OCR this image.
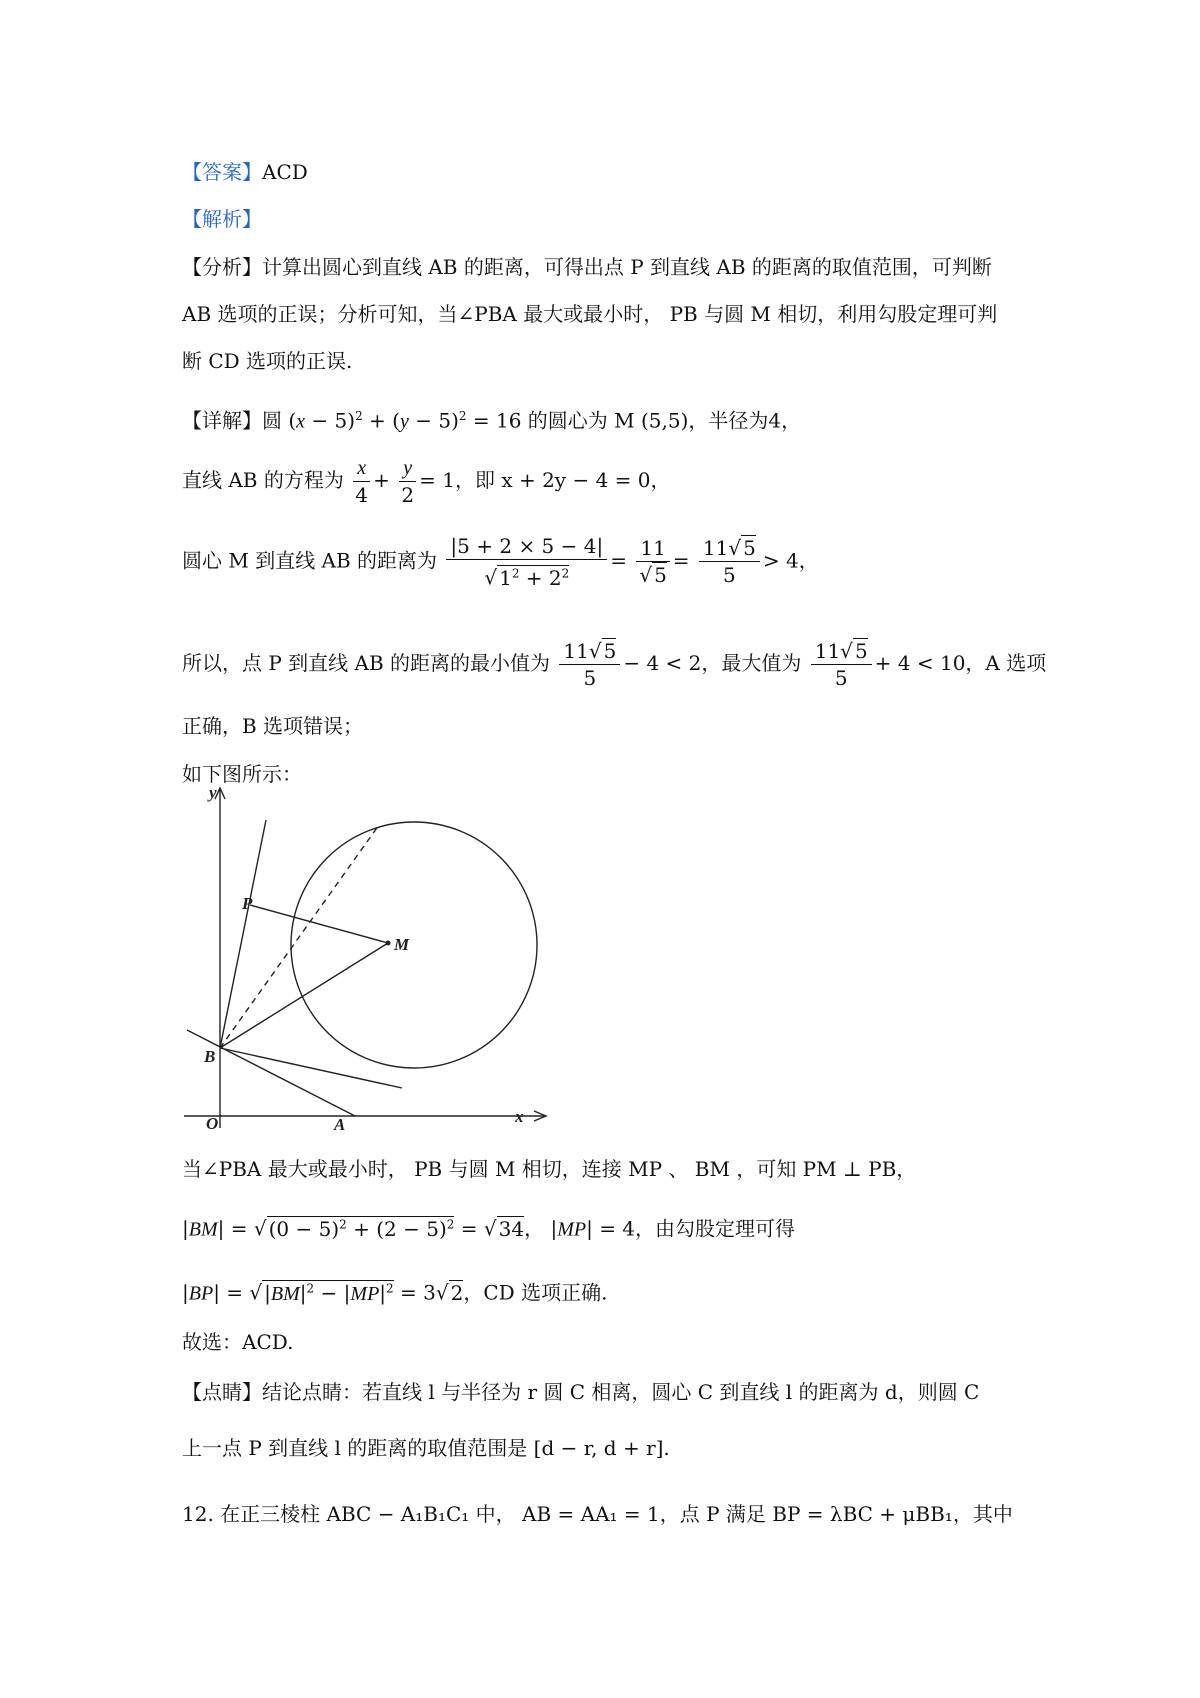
【答案】ACD
【解析】
【分析】计算出圆心到直线 AB 的距离，可得出点 P 到直线 AB 的距离的取值范围，可判断
AB 选项的正误；分析可知，当∠PBA 最大或最小时， PB 与圆 M 相切，利用勾股定理可判
断 CD 选项的正误.
【详解】圆 $(x - 5)^2 + (y - 5)^2 = 16$ 的圆心为 M (5,5)，半径为4，
直线 AB 的方程为 $\frac{x}{4} + \frac{y}{2} = 1$，即 x + 2y − 4 = 0，
圆心 M 到直线 AB 的距离为 $\frac{|5 + 2 \times 5 - 4|}{√ 1^2 + 2^2} = \frac{11}{√ 5} = \frac{11√ 5}{5} > 4$，
所以，点 P 到直线 AB 的距离的最小值为 $\frac{11√ 5}{5} - 4 < 2$，最大值为 $\frac{11√ 5}{5} + 4 < 10$，A 选项
正确，B 选项错误；
如下图所示：
y
x
O	A
B
P
M
当∠PBA 最大或最小时， PB 与圆 M 相切，连接 MP 、 BM ，可知 PM ⊥ PB，
|BM| = √ $(0 - 5)^2 + (2 - 5)^2$ = √ 34， |MP| = 4，由勾股定理可得
|BP| = √ $|BM|^2 - |MP|^2 = 3√$ 2，CD 选项正确.
故选：ACD.
【点睛】结论点睛：若直线 l 与半径为 r 圆 C 相离，圆心 C 到直线 l 的距离为 d，则圆 C
上一点 P 到直线 l 的距离的取值范围是 [d − r, d + r].
12. 在正三棱柱 ABC − A₁B₁C₁ 中， AB = AA₁ = 1，点 P 满足 BP = λBC + μBB₁，其中
